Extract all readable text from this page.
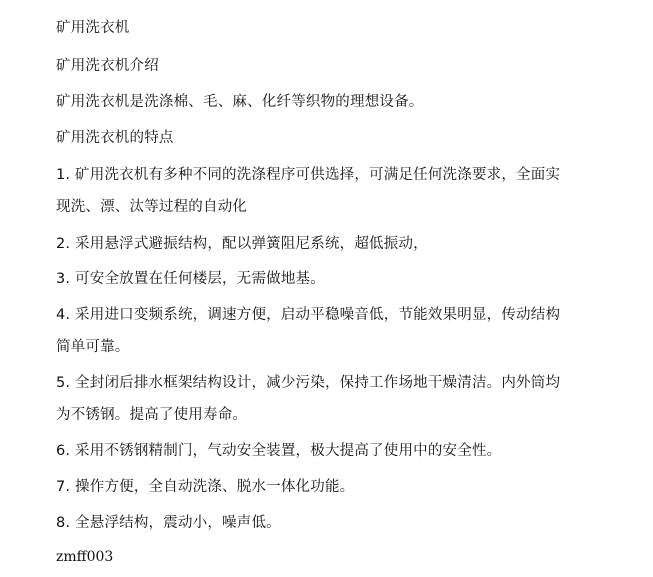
矿用洗衣机
矿用洗衣机介绍
矿用洗衣机是洗涤棉、毛、麻、化纤等织物的理想设备。
矿用洗衣机的特点
1. 矿用洗衣机有多种不同的洗涤程序可供选择，可满足任何洗涤要求，全面实
现洗、漂、汰等过程的自动化
2. 采用悬浮式避振结构，配以弹簧阻尼系统，超低振动，
3. 可安全放置在任何楼层，无需做地基。
4. 采用进口变频系统，调速方便，启动平稳噪音低，节能效果明显，传动结构
简单可靠。
5. 全封闭后排水框架结构设计，减少污染，保持工作场地干燥清洁。内外筒均
为不锈钢。提高了使用寿命。
6. 采用不锈钢精制门，气动安全装置，极大提高了使用中的安全性。
7. 操作方便，全自动洗涤、脱水一体化功能。
8. 全悬浮结构，震动小，噪声低。
zmff003
